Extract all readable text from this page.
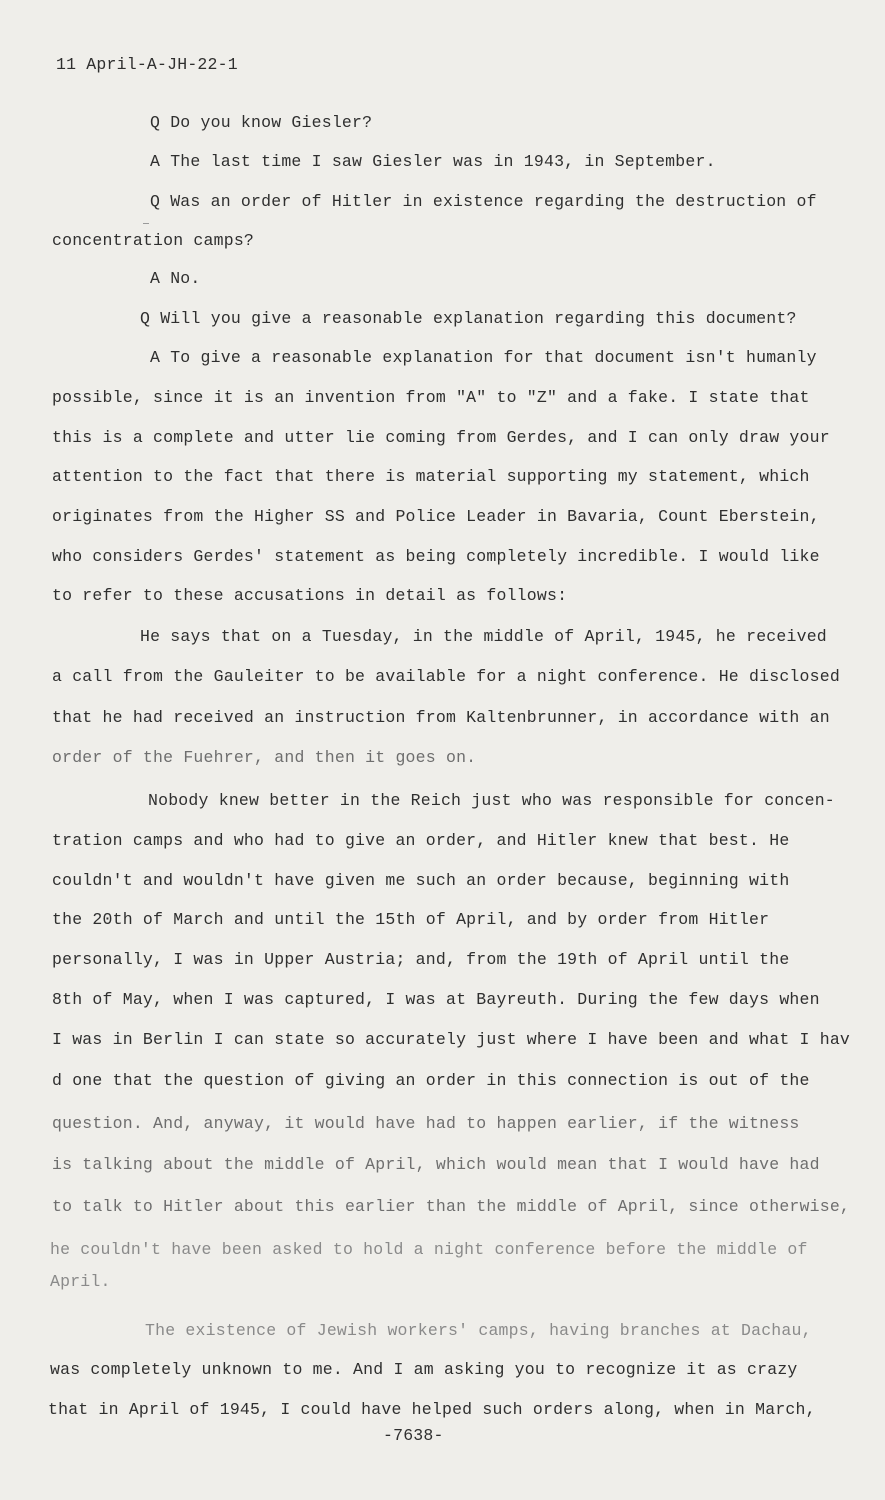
11 April-A-JH-22-1
Q Do you know Giesler?
A The last time I saw Giesler was in 1943, in September.
Q Was an order of Hitler in existence regarding the destruction of
concentration camps?
A No.
Q Will you give a reasonable explanation regarding this document?
A To give a reasonable explanation for that document isn't humanly
possible, since it is an invention from "A" to "Z" and a fake. I state that
this is a complete and utter lie coming from Gerdes, and I can only draw your
attention to the fact that there is material supporting my statement, which
originates from the Higher SS and Police Leader in Bavaria, Count Eberstein,
who considers Gerdes' statement as being completely incredible. I would like
to refer to these accusations in detail as follows:
He says that on a Tuesday, in the middle of April, 1945, he received
a call from the Gauleiter to be available for a night conference. He disclosed
that he had received an instruction from Kaltenbrunner, in accordance with an
order of the Fuehrer, and then it goes on.
Nobody knew better in the Reich just who was responsible for concen-
tration camps and who had to give an order, and Hitler knew that best. He
couldn't and wouldn't have given me such an order because, beginning with
the 20th of March and until the 15th of April, and by order from Hitler
personally, I was in Upper Austria; and, from the 19th of April until the
8th of May, when I was captured, I was at Bayreuth. During the few days when
I was in Berlin I can state so accurately just where I have been and what I hav
d one that the question of giving an order in this connection is out of the
question. And, anyway, it would have had to happen earlier, if the witness
is talking about the middle of April, which would mean that I would have had
to talk to Hitler about this earlier than the middle of April, since otherwise,
he couldn't have been asked to hold a night conference before the middle of
April.
The existence of Jewish workers' camps, having branches at Dachau,
was completely unknown to me. And I am asking you to recognize it as crazy
that in April of 1945, I could have helped such orders along, when in March,
-7638-
